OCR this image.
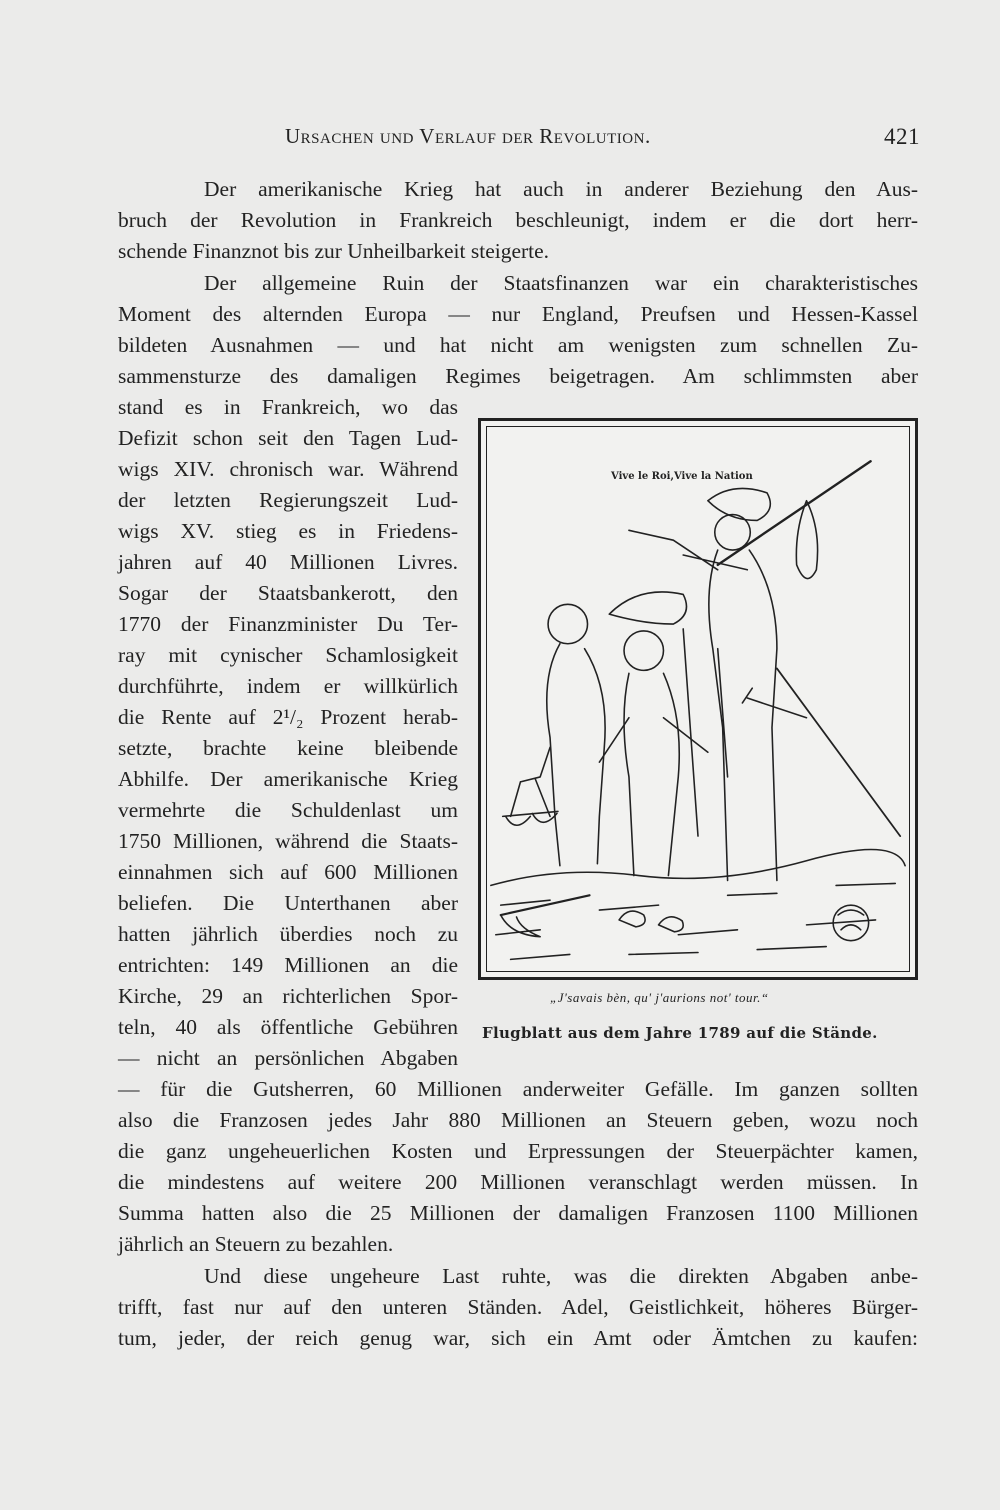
Ursachen und Verlauf der Revolution.	421
Der amerikanische Krieg hat auch in anderer Beziehung den Aus-
bruch der Revolution in Frankreich beschleunigt, indem er die dort herr-
schende Finanznot bis zur Unheilbarkeit steigerte.
Der allgemeine Ruin der Staatsfinanzen war ein charakteristisches
Moment des alternden Europa — nur England, Preufsen und Hessen-Kassel
bildeten Ausnahmen — und hat nicht am wenigsten zum schnellen Zu-
sammensturze des damaligen Regimes beigetragen. Am schlimmsten aber
stand es in Frankreich, wo das
Defizit schon seit den Tagen Lud-
wigs XIV. chronisch war. Während
der letzten Regierungszeit Lud-
wigs XV. stieg es in Friedens-
jahren auf 40 Millionen Livres.
Sogar der Staatsbankerott, den
1770 der Finanzminister Du Ter-
ray mit cynischer Schamlosigkeit
durchführte, indem er willkürlich
die Rente auf 2¹/₂ Prozent herab-
setzte, brachte keine bleibende
Abhilfe. Der amerikanische Krieg
vermehrte die Schuldenlast um
1750 Millionen, während die Staats-
einnahmen sich auf 600 Millionen
beliefen. Die Unterthanen aber
hatten jährlich überdies noch zu
entrichten: 149 Millionen an die
Kirche, 29 an richterlichen Spor-
teln, 40 als öffentliche Gebühren
— nicht an persönlichen Abgaben
— für die Gutsherren, 60 Millionen anderweiter Gefälle. Im ganzen sollten
also die Franzosen jedes Jahr 880 Millionen an Steuern geben, wozu noch
die ganz ungeheuerlichen Kosten und Erpressungen der Steuerpächter kamen,
die mindestens auf weitere 200 Millionen veranschlagt werden müssen. In
Summa hatten also die 25 Millionen der damaligen Franzosen 1100 Millionen
jährlich an Steuern zu bezahlen.
Und diese ungeheure Last ruhte, was die direkten Abgaben anbe-
trifft, fast nur auf den unteren Ständen. Adel, Geistlichkeit, höheres Bürger-
tum, jeder, der reich genug war, sich ein Amt oder Ämtchen zu kaufen:
Vive le Roi,Vive la Nation
„J'savais bèn, qu' j'aurions not' tour.“
Flugblatt aus dem Jahre 1789 auf die Stände.
